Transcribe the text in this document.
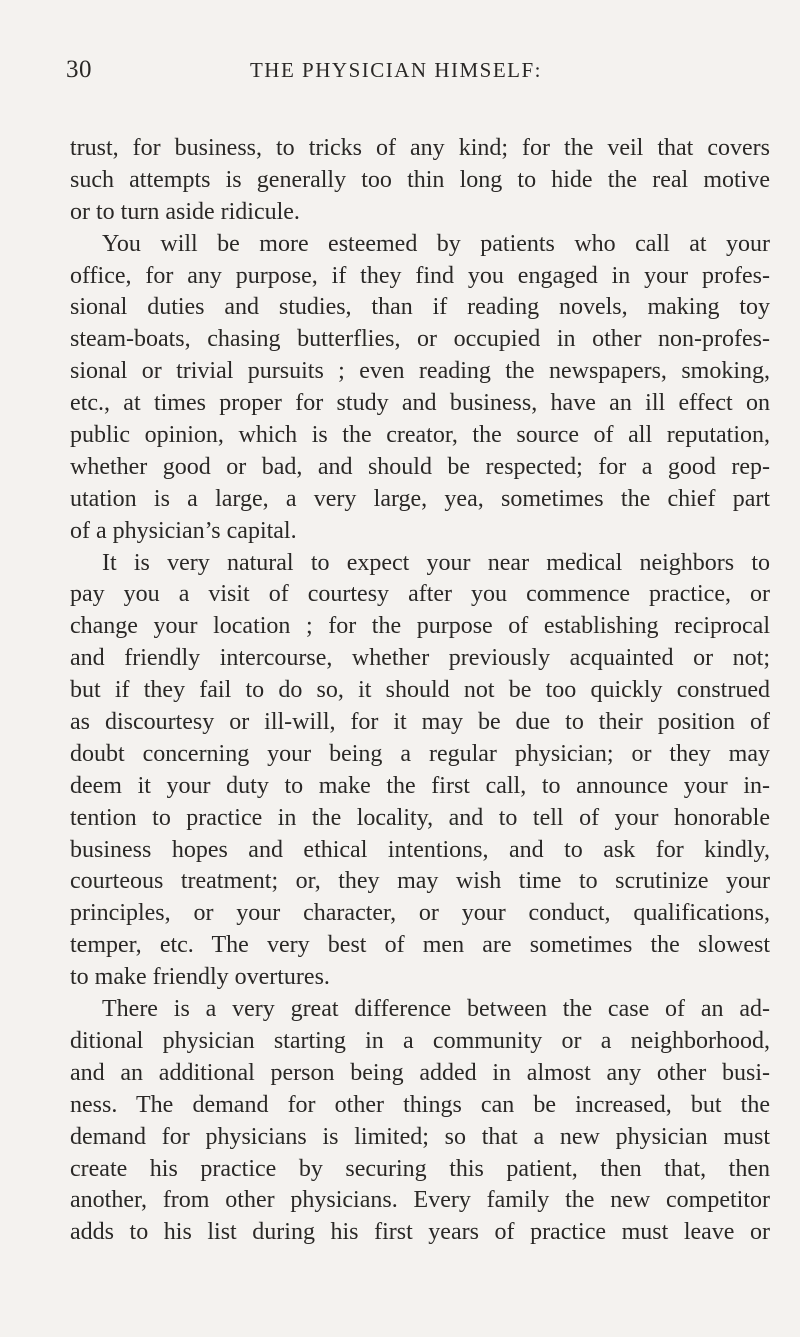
30	THE PHYSICIAN HIMSELF:
trust, for business, to tricks of any kind; for the veil that covers
such attempts is generally too thin long to hide the real motive
or to turn aside ridicule.
You will be more esteemed by patients who call at your
office, for any purpose, if they find you engaged in your profes-
sional duties and studies, than if reading novels, making toy
steam-boats, chasing butterflies, or occupied in other non-profes-
sional or trivial pursuits ; even reading the newspapers, smoking,
etc., at times proper for study and business, have an ill effect on
public opinion, which is the creator, the source of all reputation,
whether good or bad, and should be respected; for a good rep-
utation is a large, a very large, yea, sometimes the chief part
of a physician’s capital.
It is very natural to expect your near medical neighbors to
pay you a visit of courtesy after you commence practice, or
change your location ; for the purpose of establishing reciprocal
and friendly intercourse, whether previously acquainted or not;
but if they fail to do so, it should not be too quickly construed
as discourtesy or ill-will, for it may be due to their position of
doubt concerning your being a regular physician; or they may
deem it your duty to make the first call, to announce your in-
tention to practice in the locality, and to tell of your honorable
business hopes and ethical intentions, and to ask for kindly,
courteous treatment; or, they may wish time to scrutinize your
principles, or your character, or your conduct, qualifications,
temper, etc. The very best of men are sometimes the slowest
to make friendly overtures.
There is a very great difference between the case of an ad-
ditional physician starting in a community or a neighborhood,
and an additional person being added in almost any other busi-
ness. The demand for other things can be increased, but the
demand for physicians is limited; so that a new physician must
create his practice by securing this patient, then that, then
another, from other physicians. Every family the new competitor
adds to his list during his first years of practice must leave or
